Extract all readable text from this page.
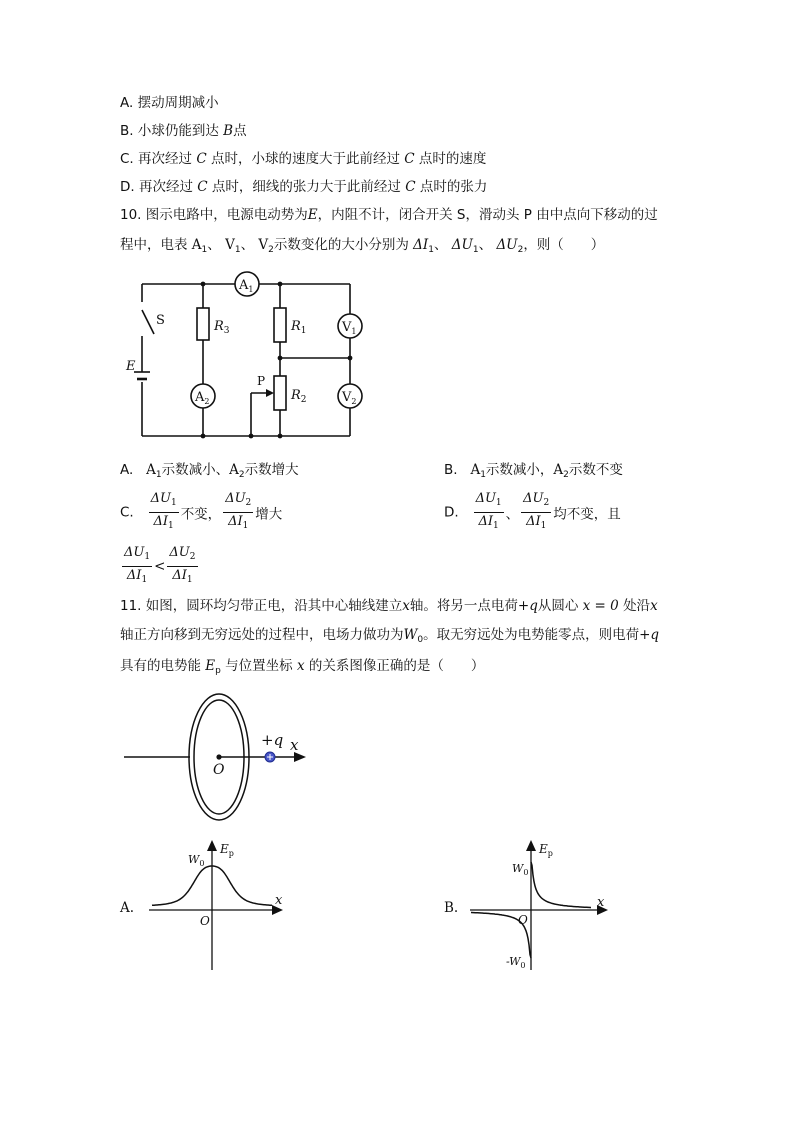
A. 摆动周期减小
B. 小球仍能到达 B点
C. 再次经过 C 点时，小球的速度大于此前经过 C 点时的速度
D. 再次经过 C 点时，细线的张力大于此前经过 C 点时的张力
10. 图示电路中，电源电动势为E，内阻不计，闭合开关 S，滑动头 P 由中点向下移动的过
程中，电表 $A_1$、 $V_1$、 $V_2$示数变化的大小分别为 $\Delta I_1$、 $\Delta U_1$、 $\Delta U_2$，则（　　）
$A_1$
$A_2$
$V_1$
$V_2$
$R_3$	$R_1$
$R_2$
S
E
P
A. $A_1$示数减小、$A_2$示数增大	B. $A_1$示数减小，$A_2$示数不变
C. $\frac{\Delta U_1}{\Delta I_1}$ 不变， $\frac{\Delta U_2}{\Delta I_1}$ 增大	D. $\frac{\Delta U_1}{\Delta I_1}$ 、 $\frac{\Delta U_2}{\Delta I_1}$ 均不变，且
$\frac{\Delta U_1}{\Delta I_1} < \frac{\Delta U_2}{\Delta I_1}$
11. 如图，圆环均匀带正电，沿其中心轴线建立x轴。将另一点电荷+q从圆心 x = 0 处沿x
轴正方向移到无穷远处的过程中，电场力做功为$W_0$。取无穷远处为电势能零点，则电荷+q
具有的电势能 $E_p$ 与位置坐标 x 的关系图像正确的是（　　）
+q x
O
A.
$W_0$
$E_p$
x
O
B.
$W_0$
$-W_0$
$E_p$
x
O
